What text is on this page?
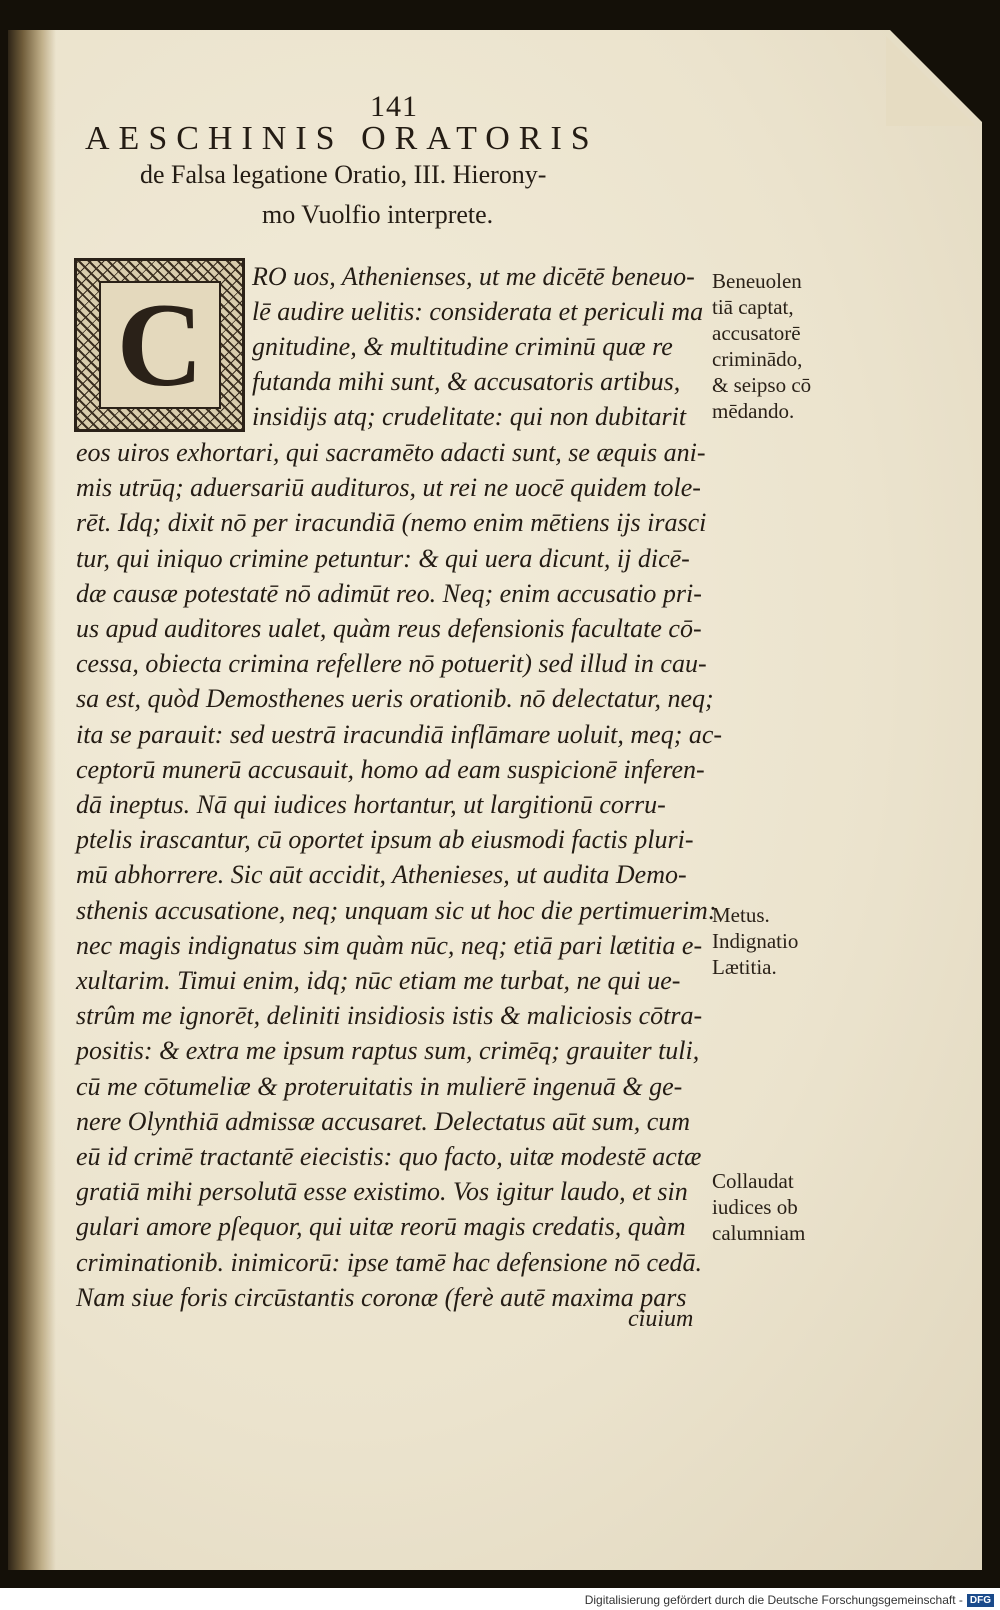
141
AESCHINIS ORATORIS
de Falsa legatione Oratio, III. Hierony-
mo Vuolfio interprete.
C
RO uos, Athenienses, ut me dicētē beneuo-
lē audire uelitis: considerata et periculi ma
gnitudine, & multitudine criminū quæ re
futanda mihi sunt, & accusatoris artibus,
insidijs atq; crudelitate: qui non dubitarit
eos uiros exhortari, qui sacramēto adacti sunt, se æquis ani-
mis utrūq; aduersariū audituros, ut rei ne uocē quidem tole-
rēt. Idq; dixit nō per iracundiā (nemo enim mētiens ijs irasci
tur, qui iniquo crimine petuntur: & qui uera dicunt, ij dicē-
dæ causæ potestatē nō adimūt reo. Neq; enim accusatio pri-
us apud auditores ualet, quàm reus defensionis facultate cō-
cessa, obiecta crimina refellere nō potuerit) sed illud in cau-
sa est, quòd Demosthenes ueris orationib. nō delectatur, neq;
ita se parauit: sed uestrā iracundiā inflāmare uoluit, meq; ac-
ceptorū munerū accusauit, homo ad eam suspicionē inferen-
dā ineptus. Nā qui iudices hortantur, ut largitionū corru-
ptelis irascantur, cū oportet ipsum ab eiusmodi factis pluri-
mū abhorrere. Sic aūt accidit, Athenieses, ut audita Demo-
sthenis accusatione, neq; unquam sic ut hoc die pertimuerim:
nec magis indignatus sim quàm nūc, neq; etiā pari lætitia e-
xultarim. Timui enim, idq; nūc etiam me turbat, ne qui ue-
strûm me ignorēt, deliniti insidiosis istis & maliciosis cōtra-
positis: & extra me ipsum raptus sum, crimēq; grauiter tuli,
cū me cōtumeliæ & proteruitatis in mulierē ingenuā & ge-
nere Olynthiā admissæ accusaret. Delectatus aūt sum, cum
eū id crimē tractantē eiecistis: quo facto, uitæ modestē actæ
gratiā mihi persolutā esse existimo. Vos igitur laudo, et sin
gulari amore pſequor, qui uitæ reorū magis credatis, quàm
criminationib. inimicorū: ipse tamē hac defensione nō cedā.
Nam siue foris circūstantis coronæ (ferè autē maxima pars
Beneuolen
tiā captat,
accusatorē
criminādo,
& seipso cō
mēdando.
Metus.
Indignatio
Lætitia.
Collaudat
iudices ob
calumniam
ciuium
Digitalisierung gefördert durch die Deutsche Forschungsgemeinschaft - DFG
